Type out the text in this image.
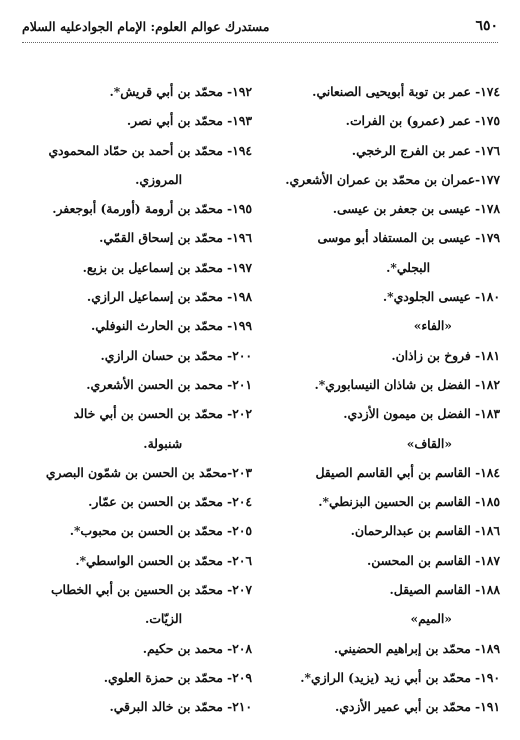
٦٥٠
مستدرك عوالم العلوم: الإمام الجوادعليه السلام
١٧٤- عمر بن توبة أبويحيى الصنعاني.
١٧٥- عمر (عمرو) بن الفرات.
١٧٦- عمر بن الفرج الرخجي.
١٧٧-عمران بن محمّد بن عمران الأشعري.
١٧٨- عيسى بن جعفر بن عيسى.
١٧٩- عيسى بن المستفاد أبو موسى
البجلي*.
١٨٠- عيسى الجلودي*.
«الفاء»
١٨١- فروخ بن زاذان.
١٨٢- الفضل بن شاذان النيسابوري*.
١٨٣- الفضل بن ميمون الأزدي.
«القاف»
١٨٤- القاسم بن أبي القاسم الصيقل
١٨٥- القاسم بن الحسين البزنطي*.
١٨٦- القاسم بن عبدالرحمان.
١٨٧- القاسم بن المحسن.
١٨٨- القاسم الصيقل.
«الميم»
١٨٩- محمّد بن إبراهيم الحضيني.
١٩٠- محمّد بن أبي زيد (يزيد) الرازي*.
١٩١- محمّد بن أبي عمير الأزدي.
١٩٢- محمّد بن أبي قريش*.
١٩٣- محمّد بن أبي نصر.
١٩٤- محمّد بن أحمد بن حمّاد المحمودي
المروزي.
١٩٥- محمّد بن أرومة (أورمة) أبوجعفر.
١٩٦- محمّد بن إسحاق القمّي.
١٩٧- محمّد بن إسماعيل بن بزيع.
١٩٨- محمّد بن إسماعيل الرازي.
١٩٩- محمّد بن الحارث النوفلي.
٢٠٠- محمّد بن حسان الرازي.
٢٠١- محمد بن الحسن الأشعري.
٢٠٢- محمّد بن الحسن بن أبي خالد
شنبولة.
٢٠٣-محمّد بن الحسن بن شمّون البصري
٢٠٤- محمّد بن الحسن بن عمّار.
٢٠٥- محمّد بن الحسن بن محبوب*.
٢٠٦- محمّد بن الحسن الواسطي*.
٢٠٧- محمّد بن الحسين بن أبي الخطاب
الزيّات.
٢٠٨- محمد بن حكيم.
٢٠٩- محمّد بن حمزة العلوي.
٢١٠- محمّد بن خالد البرقي.
